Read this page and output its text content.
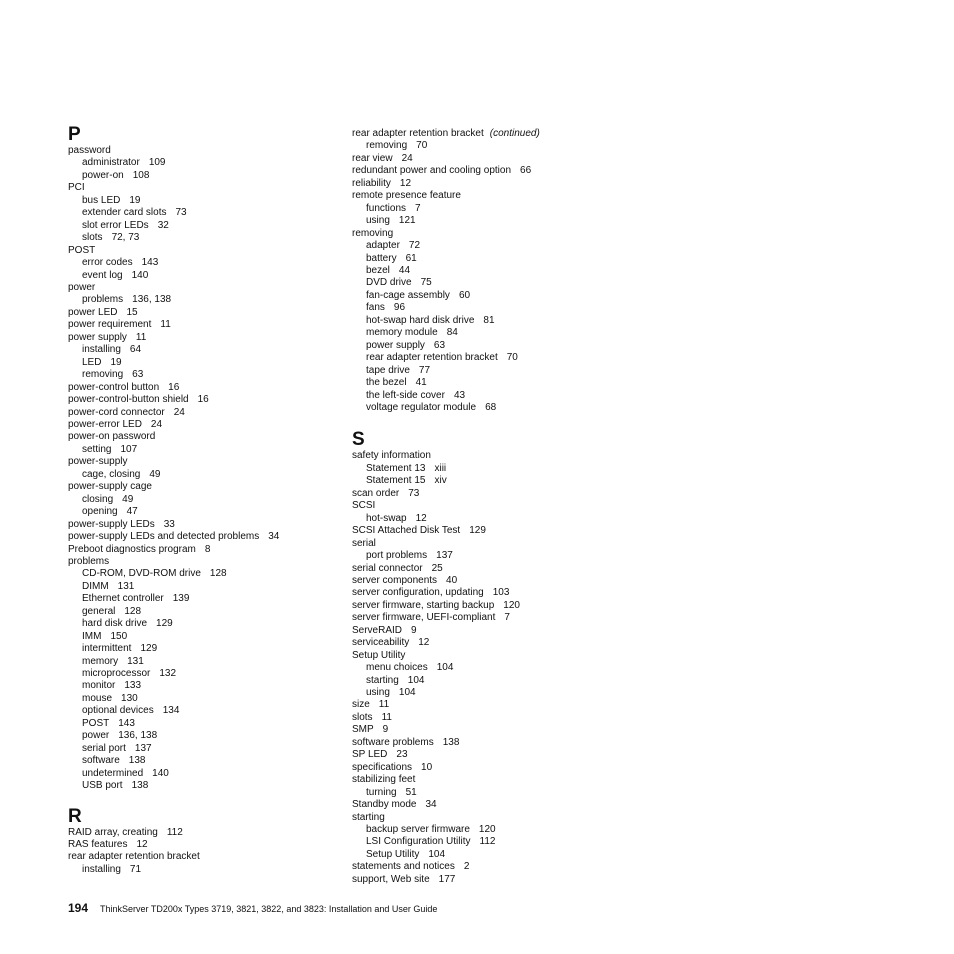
P
password
administrator 109
power-on 108
PCI
bus LED 19
extender card slots 73
slot error LEDs 32
slots 72, 73
POST
error codes 143
event log 140
power
problems 136, 138
power LED 15
power requirement 11
power supply 11
installing 64
LED 19
removing 63
power-control button 16
power-control-button shield 16
power-cord connector 24
power-error LED 24
power-on password
setting 107
power-supply
cage, closing 49
power-supply cage
closing 49
opening 47
power-supply LEDs 33
power-supply LEDs and detected problems 34
Preboot diagnostics program 8
problems
CD-ROM, DVD-ROM drive 128
DIMM 131
Ethernet controller 139
general 128
hard disk drive 129
IMM 150
intermittent 129
memory 131
microprocessor 132
monitor 133
mouse 130
optional devices 134
POST 143
power 136, 138
serial port 137
software 138
undetermined 140
USB port 138
R
RAID array, creating 112
RAS features 12
rear adapter retention bracket
installing 71
rear adapter retention bracket (continued)
removing 70
rear view 24
redundant power and cooling option 66
reliability 12
remote presence feature
functions 7
using 121
removing
adapter 72
battery 61
bezel 44
DVD drive 75
fan-cage assembly 60
fans 96
hot-swap hard disk drive 81
memory module 84
power supply 63
rear adapter retention bracket 70
tape drive 77
the bezel 41
the left-side cover 43
voltage regulator module 68
S
safety information
Statement 13 xiii
Statement 15 xiv
scan order 73
SCSI
hot-swap 12
SCSI Attached Disk Test 129
serial
port problems 137
serial connector 25
server components 40
server configuration, updating 103
server firmware, starting backup 120
server firmware, UEFI-compliant 7
ServeRAID 9
serviceability 12
Setup Utility
menu choices 104
starting 104
using 104
size 11
slots 11
SMP 9
software problems 138
SP LED 23
specifications 10
stabilizing feet
turning 51
Standby mode 34
starting
backup server firmware 120
LSI Configuration Utility 112
Setup Utility 104
statements and notices 2
support, Web site 177
194 ThinkServer TD200x Types 3719, 3821, 3822, and 3823: Installation and User Guide
